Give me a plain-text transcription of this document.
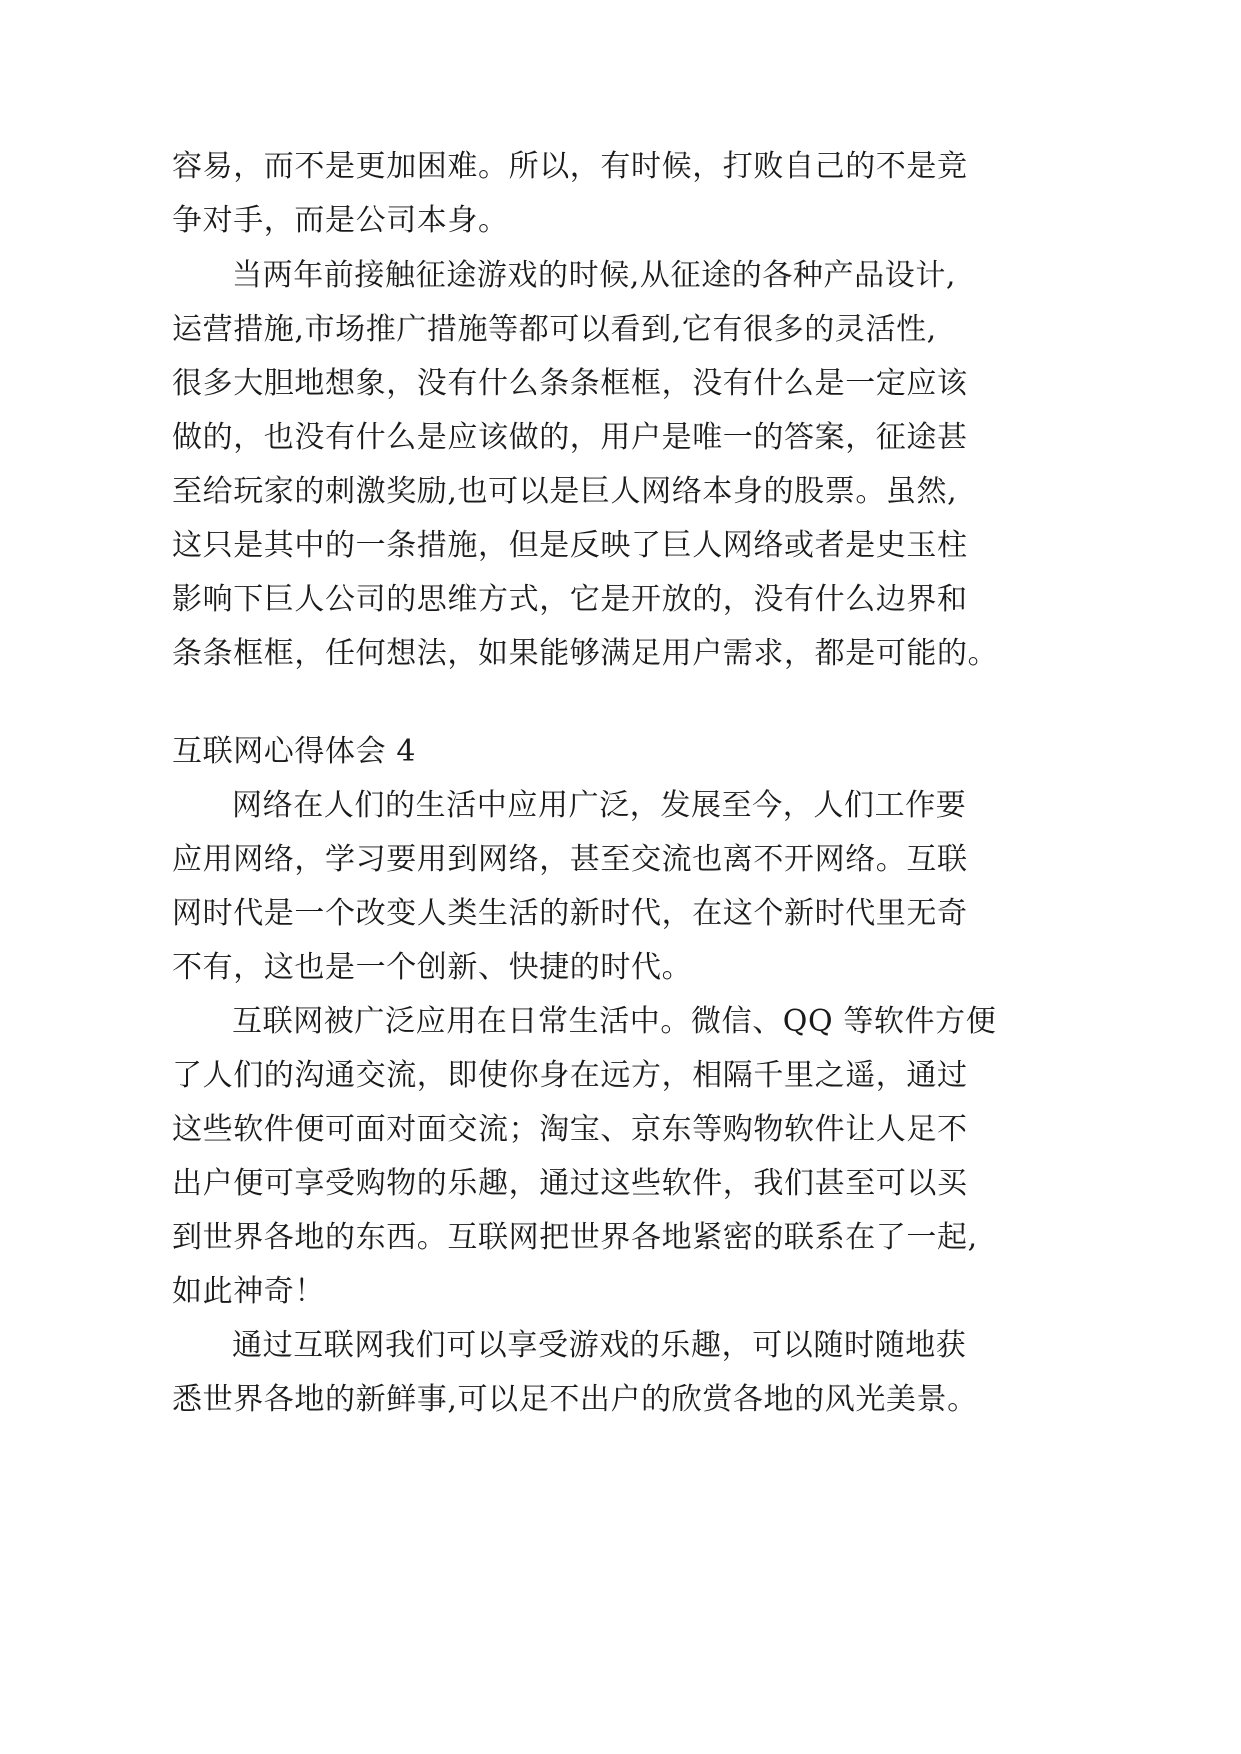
容易，而不是更加困难。所以，有时候，打败自己的不是竞
争对手，而是公司本身。
当两年前接触征途游戏的时候,从征途的各种产品设计,
运营措施,市场推广措施等都可以看到,它有很多的灵活性,
很多大胆地想象，没有什么条条框框，没有什么是一定应该
做的，也没有什么是应该做的，用户是唯一的答案，征途甚
至给玩家的刺激奖励,也可以是巨人网络本身的股票。虽然,
这只是其中的一条措施，但是反映了巨人网络或者是史玉柱
影响下巨人公司的思维方式，它是开放的，没有什么边界和
条条框框，任何想法，如果能够满足用户需求，都是可能的。
互联网心得体会 4
网络在人们的生活中应用广泛，发展至今，人们工作要
应用网络，学习要用到网络，甚至交流也离不开网络。互联
网时代是一个改变人类生活的新时代，在这个新时代里无奇
不有，这也是一个创新、快捷的时代。
互联网被广泛应用在日常生活中。微信、QQ 等软件方便
了人们的沟通交流，即使你身在远方，相隔千里之遥，通过
这些软件便可面对面交流；淘宝、京东等购物软件让人足不
出户便可享受购物的乐趣，通过这些软件，我们甚至可以买
到世界各地的东西。互联网把世界各地紧密的联系在了一起,
如此神奇！
通过互联网我们可以享受游戏的乐趣，可以随时随地获
悉世界各地的新鲜事,可以足不出户的欣赏各地的风光美景。
